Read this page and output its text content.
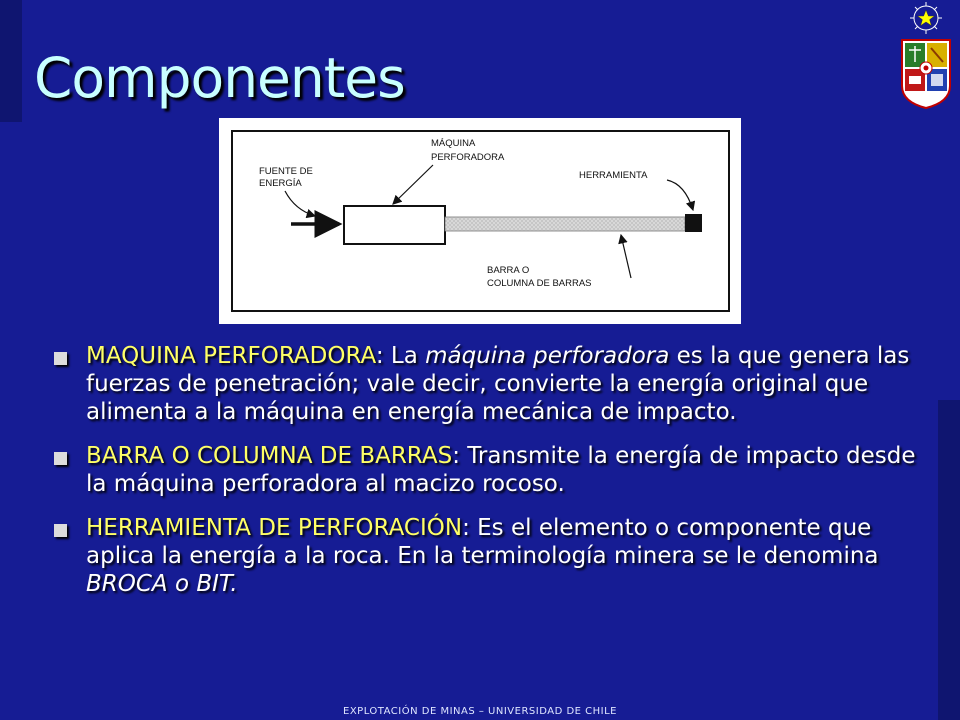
Componentes
FUENTE DE
ENERGÍA
MÁQUINA
PERFORADORA
HERRAMIENTA
BARRA O
COLUMNA DE BARRAS
MAQUINA PERFORADORA: La máquina perforadora es la que genera las fuerzas de penetración; vale decir, convierte la energía original que alimenta a la máquina en energía mecánica de impacto.
BARRA O COLUMNA DE BARRAS: Transmite la energía de impacto desde la máquina perforadora al macizo rocoso.
HERRAMIENTA DE PERFORACIÓN: Es el elemento o componente que aplica la energía a la roca. En la terminología minera se le denomina BROCA o BIT.
EXPLOTACIÓN DE MINAS – UNIVERSIDAD DE CHILE
